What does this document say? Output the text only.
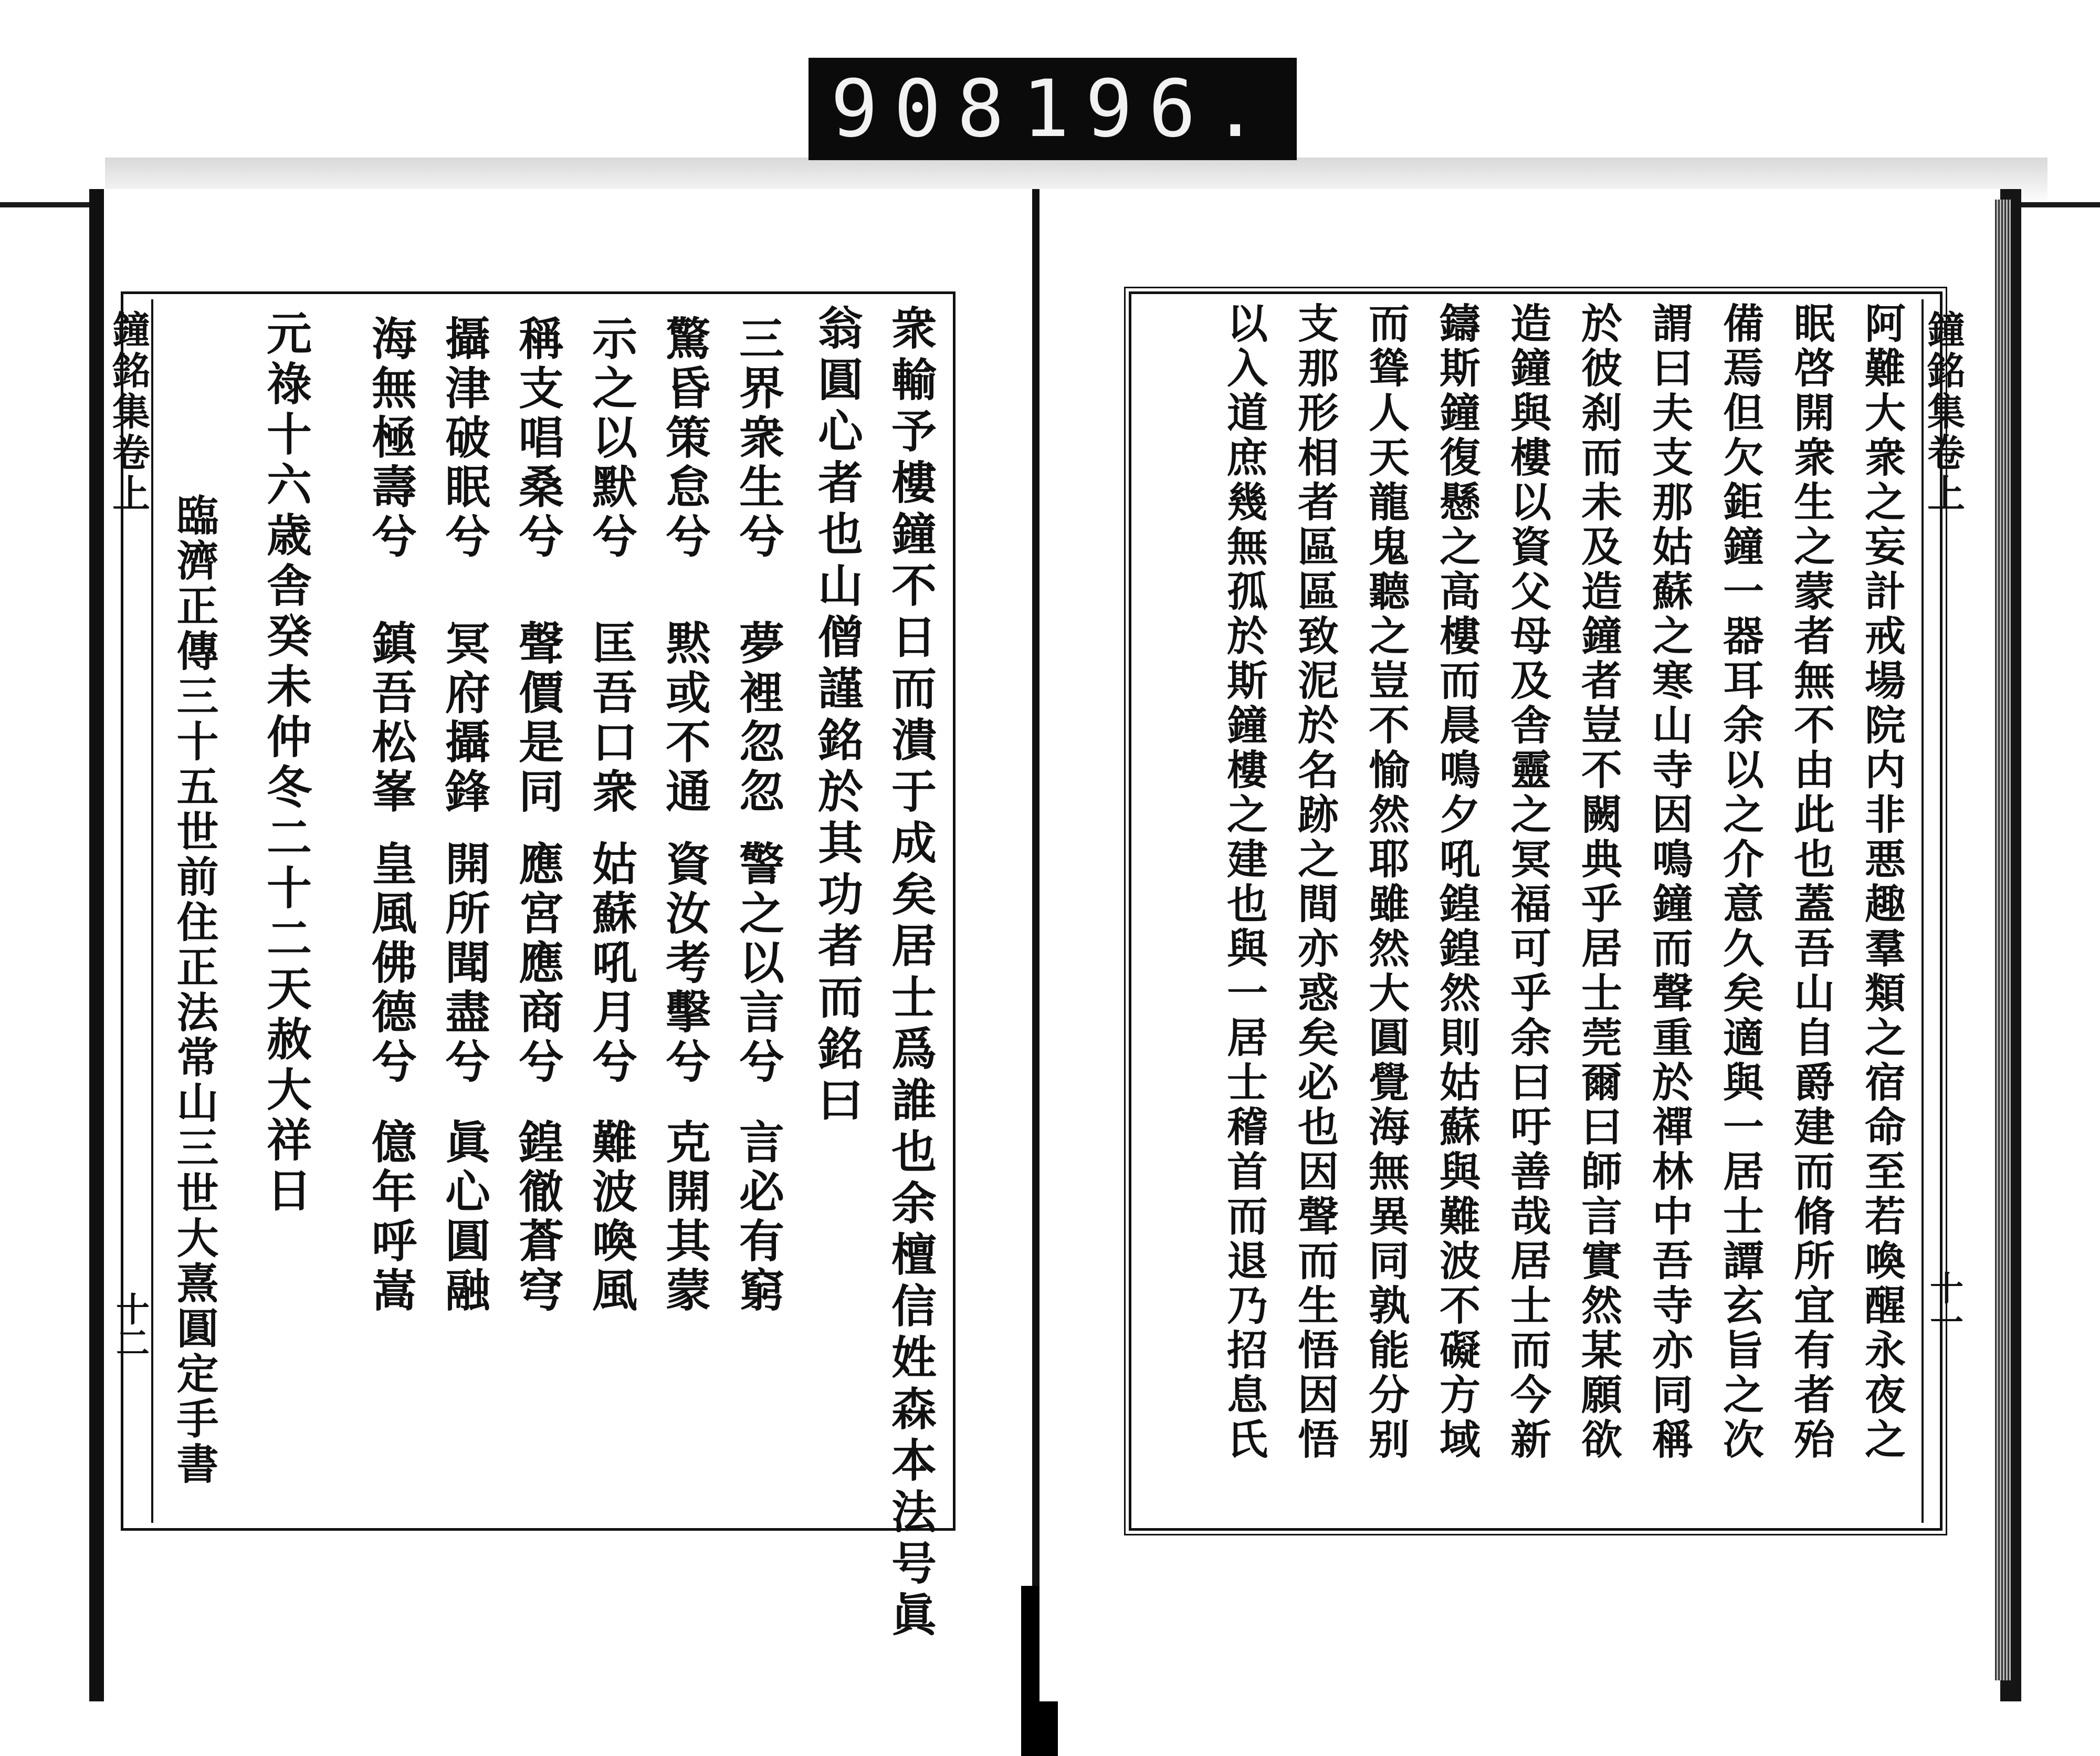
908 196.
鐘銘集卷上
十二	衆輸予樓鐘不日而潰于成矣居士爲誰也余檀信姓森本法号眞
翁圓心者也山僧謹銘於其功者而銘曰
三界衆生兮
驚昏策怠兮
示之以默兮
稱支唱桑兮
攝津破眠兮
海無極壽兮
夢裡忽忽
警之以言兮
言必有窮
黙或不通
資汝考擊兮
克開其蒙
匡吾口衆
姑蘇吼月兮
難波喚風
聲價是同
應宮應商兮
鍠徹蒼穹
冥府攝鋒
開所聞盡兮
眞心圓融
鎮吾松峯
皇風佛德兮
億年呼嵩
元祿十六歳舎癸未仲冬二十二天赦大祥日
臨濟正傳三十五世前住正法常山三世大熹圓定手書
鐘銘集卷上
十一
阿難大衆之妄計戒場院内非悪趣羣類之宿命至若喚醒永夜之
眠啓開衆生之蒙者無不由此也蓋吾山自爵建而脩所宜有者殆
備焉但欠鉅鐘一器耳余以之介意久矣適與一居士譚玄旨之次
謂曰夫支那姑蘇之寒山寺因鳴鐘而聲重於禪林中吾寺亦同稱
於彼刹而未及造鐘者豈不闕典乎居士莞爾曰師言實然某願欲
造鐘與樓以資父母及舎靈之冥福可乎余曰吁善哉居士而今新
鑄斯鐘復懸之高樓而晨鳴夕吼鍠鍠然則姑蘇與難波不礙方域
而聳人天龍鬼聽之豈不愉然耶雖然大圓覺海無異同孰能分别
支那形相者區區致泥於名跡之間亦惑矣必也因聲而生悟因悟
以入道庶幾無孤於斯鐘樓之建也與一居士稽首而退乃招息氏
